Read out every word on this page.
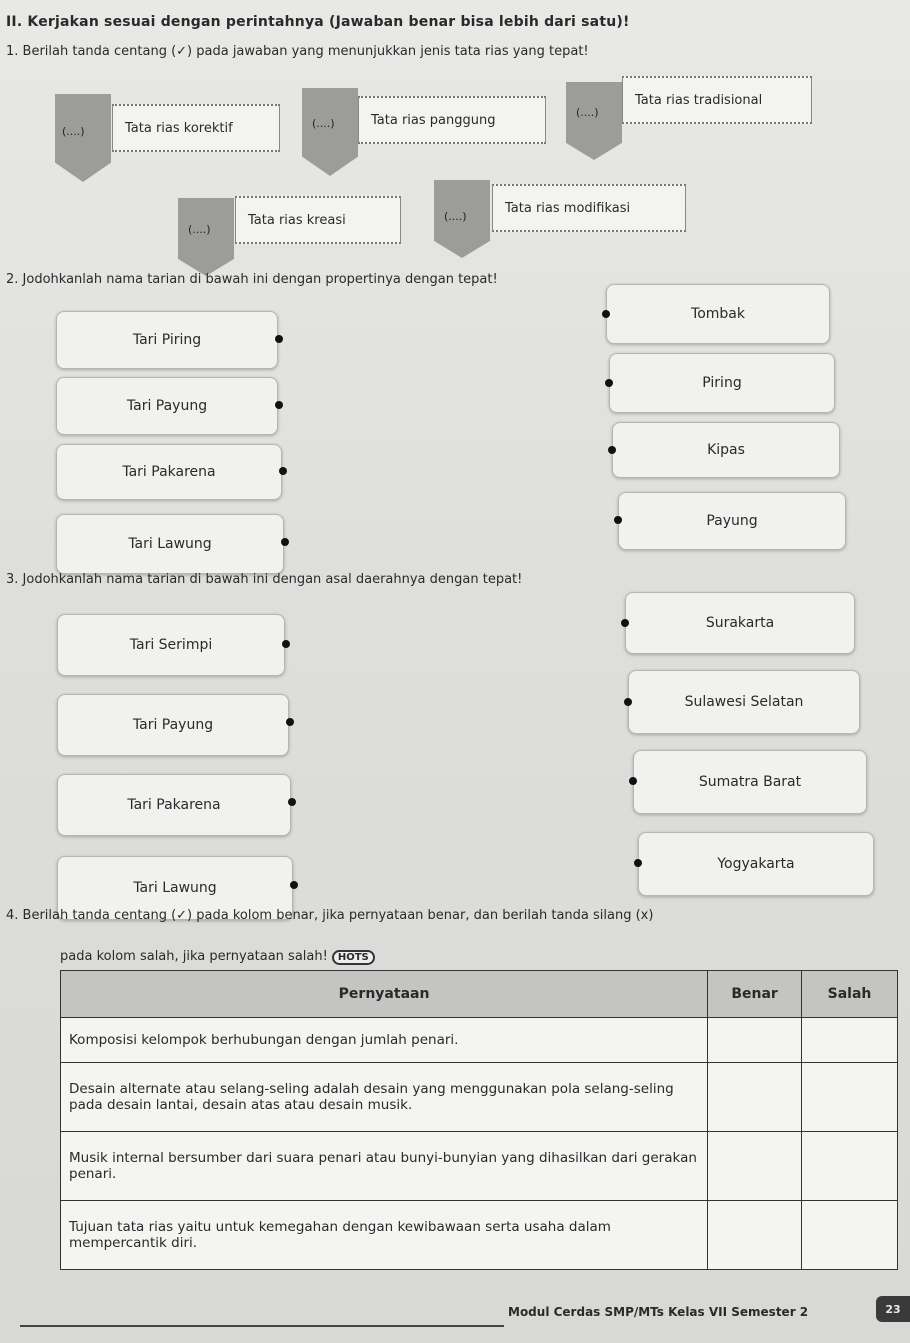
II. Kerjakan sesuai dengan perintahnya (Jawaban benar bisa lebih dari satu)!
1. Berilah tanda centang (✓) pada jawaban yang menunjukkan jenis tata rias yang tepat!
(....)	Tata rias korektif	(....)	Tata rias panggung	(....)
Tata rias tradisional
(....)
Tata rias kreasi	(....)
Tata rias modifikasi
2. Jodohkanlah nama tarian di bawah ini dengan propertinya dengan tepat!
Tari Piring
Tari Payung
Tari Pakarena
Tari Lawung
Tombak
Piring
Kipas
Payung
3. Jodohkanlah nama tarian di bawah ini dengan asal daerahnya dengan tepat!
Tari Serimpi
Tari Payung
Tari Pakarena
Tari Lawung
Surakarta
Sulawesi Selatan
Sumatra Barat
Yogyakarta
4. Berilah tanda centang (✓) pada kolom benar, jika pernyataan benar, dan berilah tanda silang (x)
pada kolom salah, jika pernyataan salah! HOTS
Pernyataan	Benar	Salah
Komposisi kelompok berhubungan dengan jumlah penari.		
Desain alternate atau selang-seling adalah desain yang menggunakan pola selang-seling pada desain lantai, desain atas atau desain musik.		
Musik internal bersumber dari suara penari atau bunyi-bunyian yang dihasilkan dari gerakan penari.		
Tujuan tata rias yaitu untuk kemegahan dengan kewibawaan serta usaha dalam mempercantik diri.		
Modul Cerdas SMP/MTs Kelas VII Semester 2	23
